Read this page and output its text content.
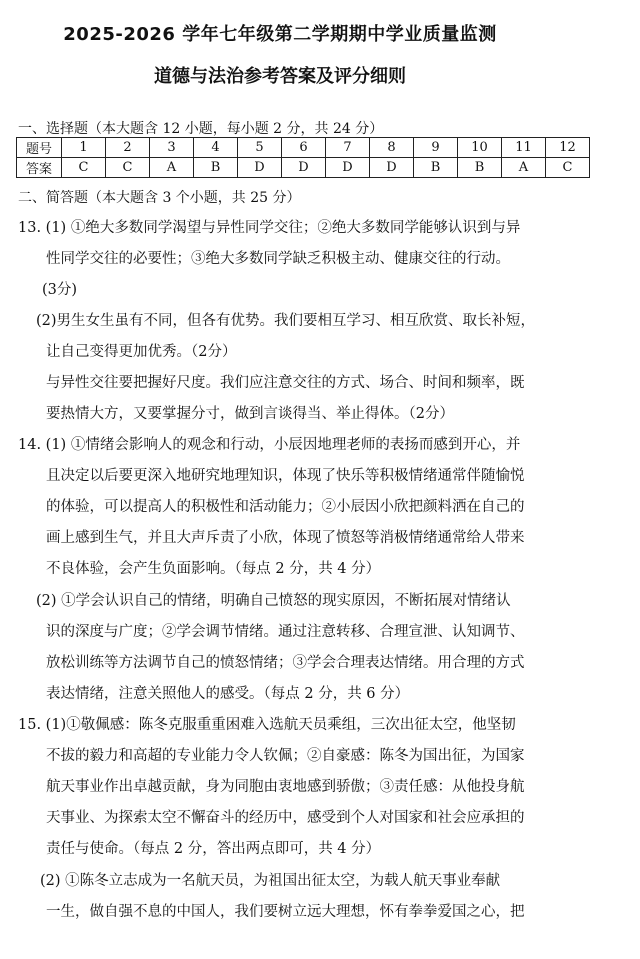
2025-2026 学年七年级第二学期期中学业质量监测
道德与法治参考答案及评分细则
一、选择题（本大题含 12 小题，每小题 2 分，共 24 分）
题号	1	2	3	4	5	6	7	8	9	10	11	12
答案	C	C	A	B	D	D	D	D	B	B	A	C
二、简答题（本大题含 3 个小题，共 25 分）
13. (1) ①绝大多数同学渴望与异性同学交往；②绝大多数同学能够认识到与异
性同学交往的必要性；③绝大多数同学缺乏积极主动、健康交往的行动。
(3分)
(2)男生女生虽有不同，但各有优势。我们要相互学习、相互欣赏、取长补短，
让自己变得更加优秀。（2分）
与异性交往要把握好尺度。我们应注意交往的方式、场合、时间和频率，既
要热情大方，又要掌握分寸，做到言谈得当、举止得体。（2分）
14. (1) ①情绪会影响人的观念和行动，小辰因地理老师的表扬而感到开心，并
且决定以后要更深入地研究地理知识，体现了快乐等积极情绪通常伴随愉悦
的体验，可以提高人的积极性和活动能力；②小辰因小欣把颜料洒在自己的
画上感到生气，并且大声斥责了小欣，体现了愤怒等消极情绪通常给人带来
不良体验，会产生负面影响。（每点 2 分，共 4 分）
(2) ①学会认识自己的情绪，明确自己愤怒的现实原因，不断拓展对情绪认
识的深度与广度；②学会调节情绪。通过注意转移、合理宣泄、认知调节、
放松训练等方法调节自己的愤怒情绪；③学会合理表达情绪。用合理的方式
表达情绪，注意关照他人的感受。（每点 2 分，共 6 分）
15. (1)①敬佩感：陈冬克服重重困难入选航天员乘组，三次出征太空，他坚韧
不拔的毅力和高超的专业能力令人钦佩；②自豪感：陈冬为国出征，为国家
航天事业作出卓越贡献，身为同胞由衷地感到骄傲；③责任感：从他投身航
天事业、为探索太空不懈奋斗的经历中，感受到个人对国家和社会应承担的
责任与使命。（每点 2 分，答出两点即可，共 4 分）
(2) ①陈冬立志成为一名航天员，为祖国出征太空，为载人航天事业奉献
一生，做自强不息的中国人，我们要树立远大理想，怀有拳拳爱国之心，把
